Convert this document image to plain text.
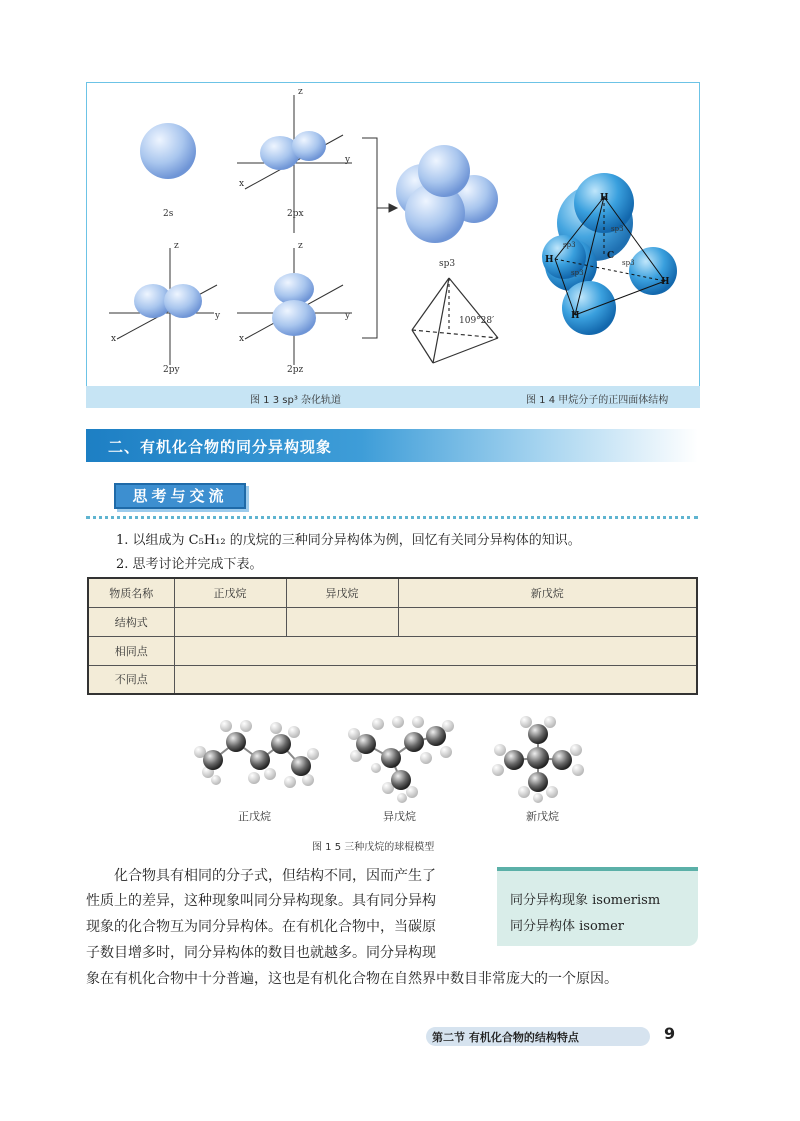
2s	2px
2py	2pz
sp3
109°28′
z
y
x
z
y
x
z
y
x
H
H
H
H
C
sp3
sp3
sp3
sp3
图 1 3 sp³ 杂化轨道	图 1 4 甲烷分子的正四面体结构
二、有机化合物的同分异构现象
思考与交流
1. 以组成为 C₅H₁₂ 的戊烷的三种同分异构体为例，回忆有关同分异构体的知识。
2. 思考讨论并完成下表。
物质名称	正戊烷	异戊烷	新戊烷
结构式			
相同点			
不同点			
正戊烷	异戊烷	新戊烷
图 1 5 三种戊烷的球棍模型
化合物具有相同的分子式，但结构不同，因而产生了
性质上的差异，这种现象叫同分异构现象。具有同分异构
现象的化合物互为同分异构体。在有机化合物中，当碳原
子数目增多时，同分异构体的数目也就越多。同分异构现
象在有机化合物中十分普遍，这也是有机化合物在自然界中数目非常庞大的一个原因。
同分异构现象 isomerism
同分异构体 isomer
第二节 有机化合物的结构特点	9
